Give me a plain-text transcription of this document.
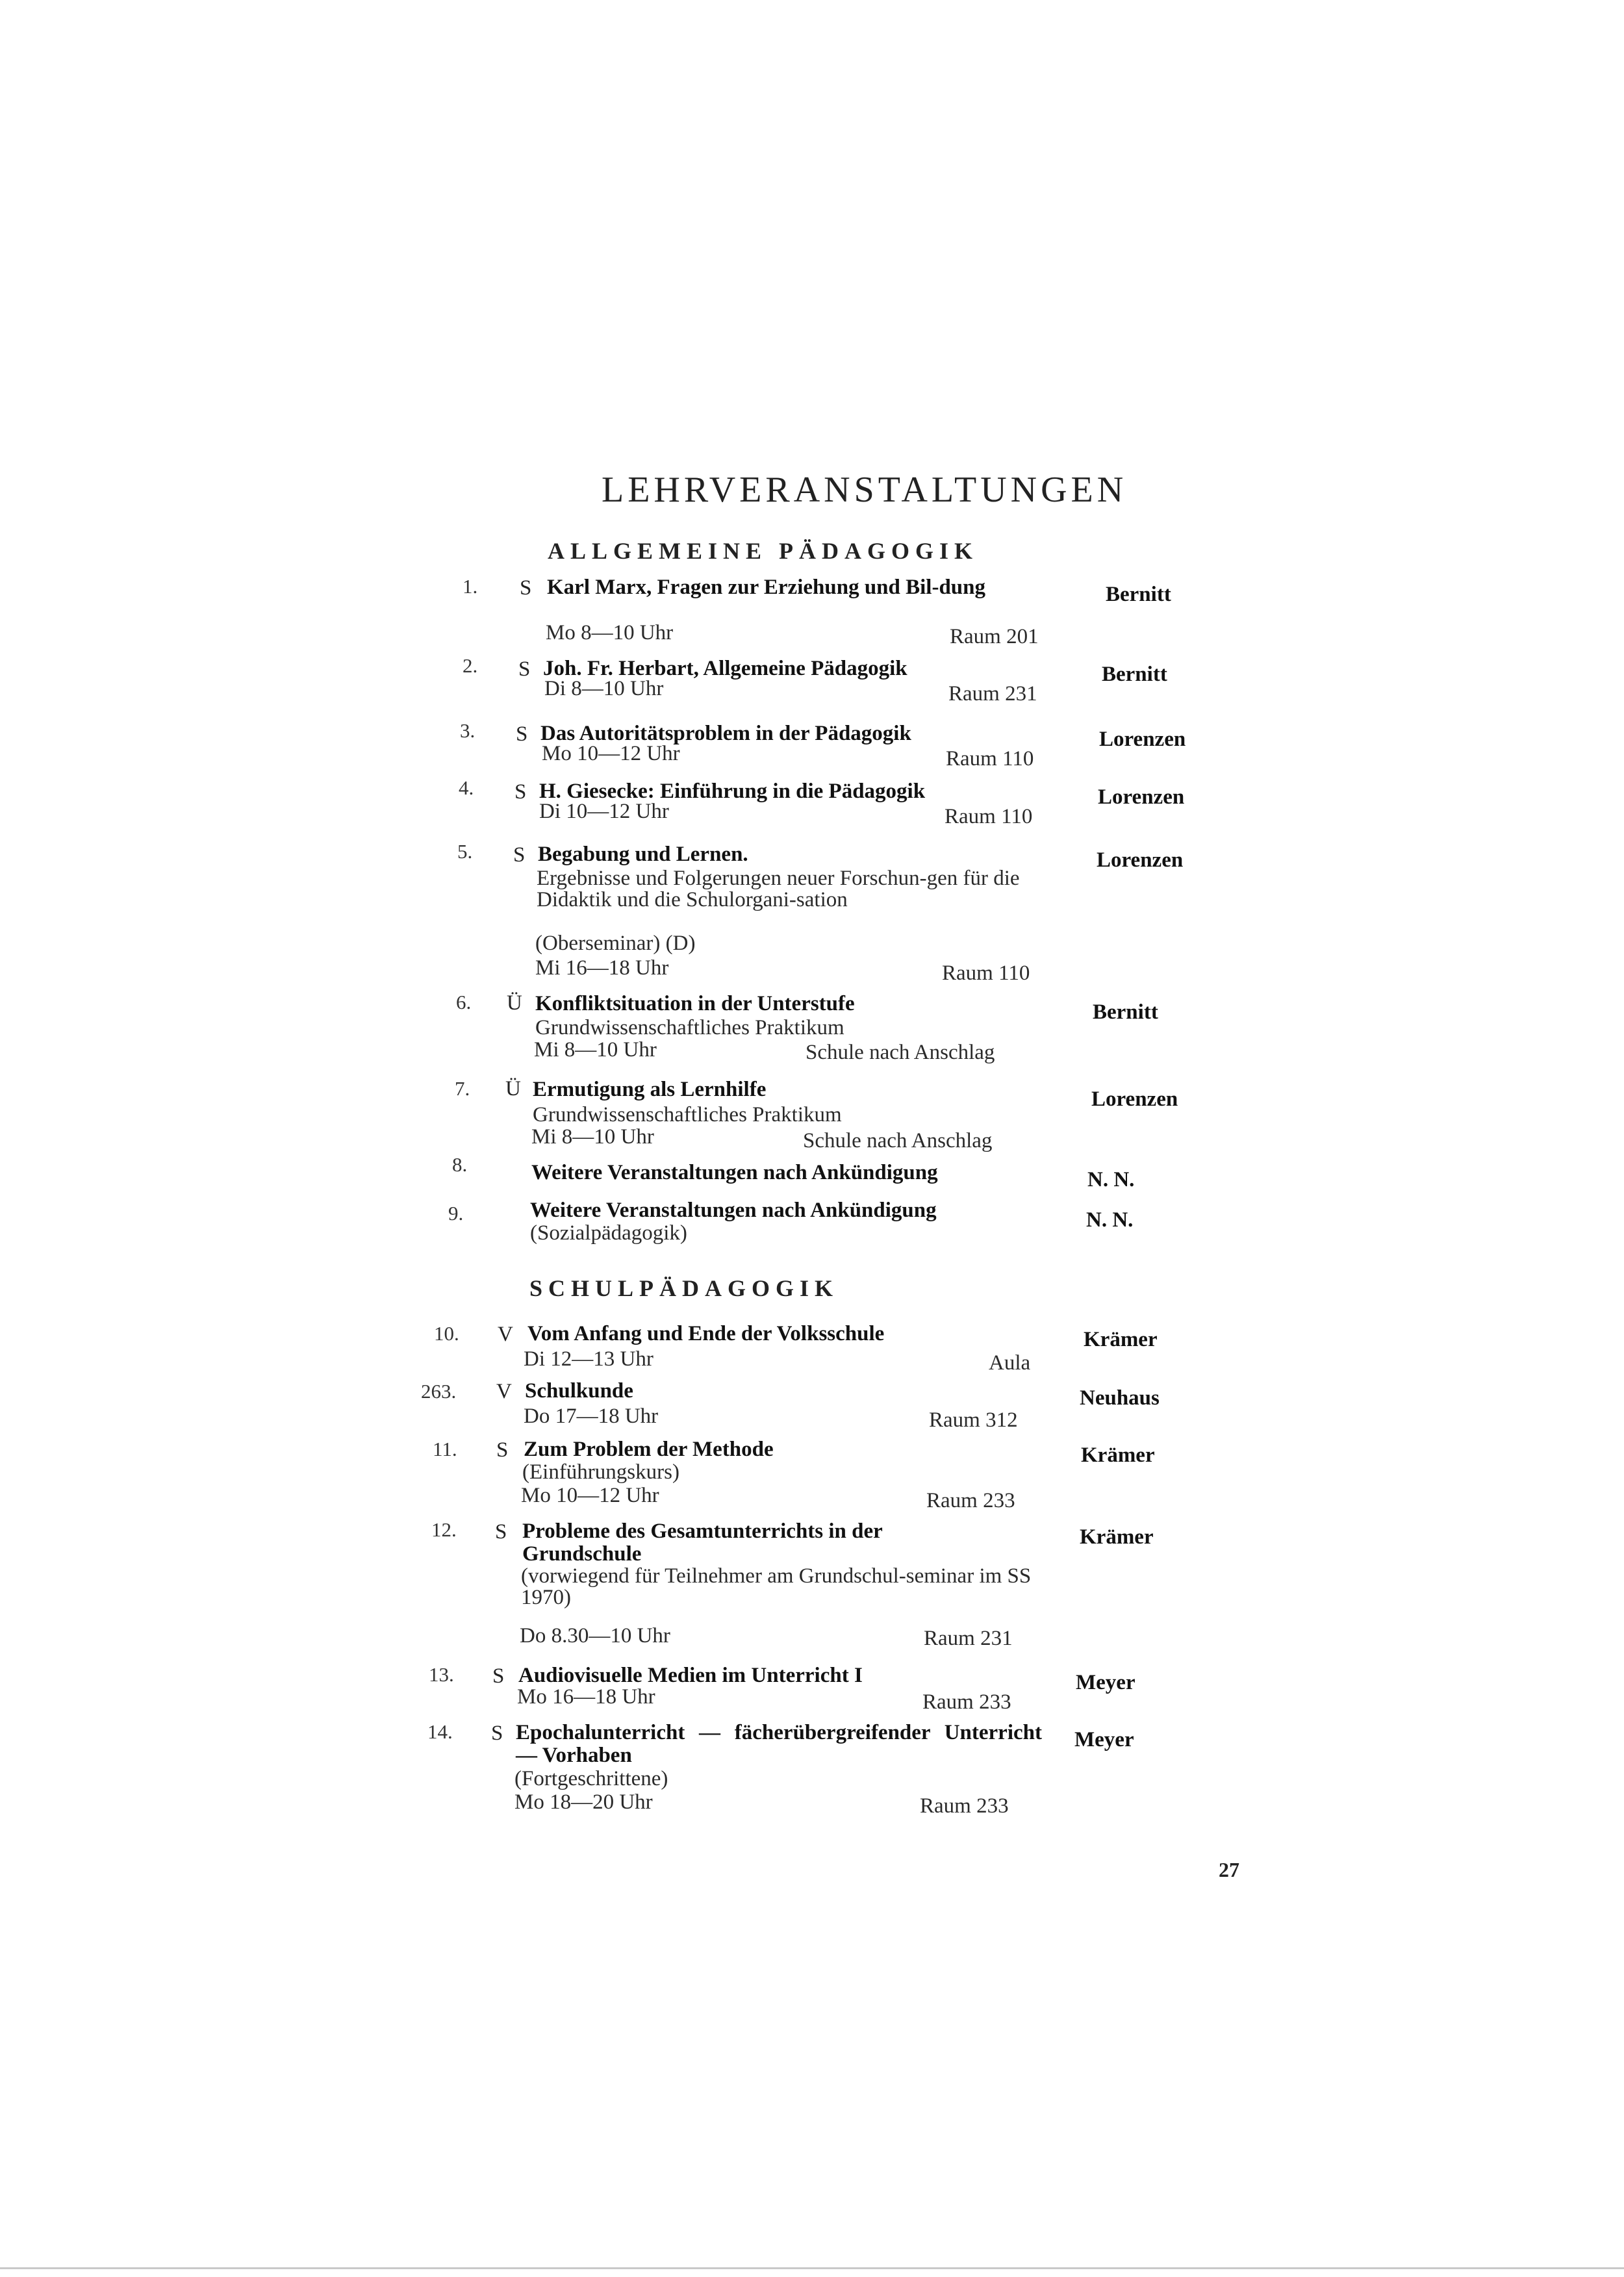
LEHRVERANSTALTUNGEN
ALLGEMEINE PÄDAGOGIK
1. S Karl Marx, Fragen zur Erziehung und Bil-dung
Mo 8—10 Uhr	Raum 201
Bernitt
2. S Joh. Fr. Herbart, Allgemeine Pädagogik
Di 8—10 Uhr	Raum 231
Bernitt
3. S Das Autoritätsproblem in der Pädagogik
Mo 10—12 Uhr	Raum 110
Lorenzen
4. S H. Giesecke: Einführung in die Pädagogik
Di 10—12 Uhr	Raum 110
Lorenzen
5. S Begabung und Lernen.
Ergebnisse und Folgerungen neuer Forschun-gen für die Didaktik und die Schulorgani-sation
(Oberseminar) (D)
Mi 16—18 Uhr	Raum 110
Lorenzen
6. Ü Konfliktsituation in der Unterstufe
Grundwissenschaftliches Praktikum
Mi 8—10 Uhr	Schule nach Anschlag
Bernitt
7. Ü Ermutigung als Lernhilfe
Grundwissenschaftliches Praktikum
Mi 8—10 Uhr	Schule nach Anschlag
Lorenzen
8.	Weitere Veranstaltungen nach Ankündigung	N. N.
9.	Weitere Veranstaltungen nach Ankündigung
(Sozialpädagogik)
N. N.
SCHULPÄDAGOGIK
10. V Vom Anfang und Ende der Volksschule
Di 12—13 Uhr	Aula
Krämer
263. V Schulkunde
Do 17—18 Uhr	Raum 312
Neuhaus
11. S Zum Problem der Methode
(Einführungskurs)
Mo 10—12 Uhr	Raum 233
Krämer
12. S Probleme des Gesamtunterrichts in der Grundschule
(vorwiegend für Teilnehmer am Grundschul-seminar im SS 1970)
Do 8.30—10 Uhr	Raum 231
Krämer
13. S Audiovisuelle Medien im Unterricht I
Mo 16—18 Uhr	Raum 233
Meyer
14. S Epochalunterricht — fächerübergreifender Unterricht — Vorhaben
(Fortgeschrittene)
Mo 18—20 Uhr	Raum 233
Meyer
27
